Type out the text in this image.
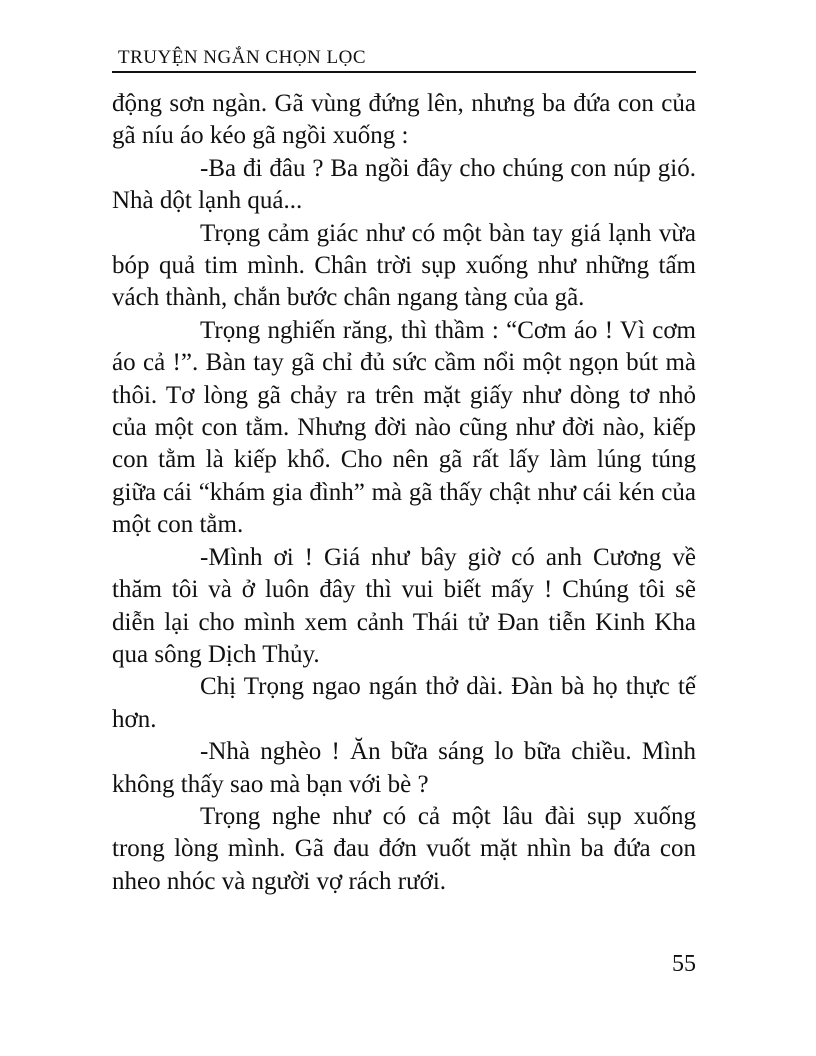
TRUYỆN NGẮN CHỌN LỌC

động sơn ngàn. Gã vùng đứng lên, nhưng ba đứa con của gã níu áo kéo gã ngồi xuống :

-Ba đi đâu ? Ba ngồi đây cho chúng con núp gió. Nhà dột lạnh quá...

Trọng cảm giác như có một bàn tay giá lạnh vừa bóp quả tim mình. Chân trời sụp xuống như những tấm vách thành, chắn bước chân ngang tàng của gã.

Trọng nghiến răng, thì thầm : “Cơm áo ! Vì cơm áo cả !”. Bàn tay gã chỉ đủ sức cầm nổi một ngọn bút mà thôi. Tơ lòng gã chảy ra trên mặt giấy như dòng tơ nhỏ của một con tằm. Nhưng đời nào cũng như đời nào, kiếp con tằm là kiếp khổ. Cho nên gã rất lấy làm lúng túng giữa cái “khám gia đình” mà gã thấy chật như cái kén của một con tằm.

-Mình ơi ! Giá như bây giờ có anh Cương về thăm tôi và ở luôn đây thì vui biết mấy ! Chúng tôi sẽ diễn lại cho mình xem cảnh Thái tử Đan tiễn Kinh Kha qua sông Dịch Thủy.

Chị Trọng ngao ngán thở dài. Đàn bà họ thực tế hơn.

-Nhà nghèo ! Ăn bữa sáng lo bữa chiều. Mình không thấy sao mà bạn với bè ?

Trọng nghe như có cả một lâu đài sụp xuống trong lòng mình. Gã đau đớn vuốt mặt nhìn ba đứa con nheo nhóc và người vợ rách rưới.

55
